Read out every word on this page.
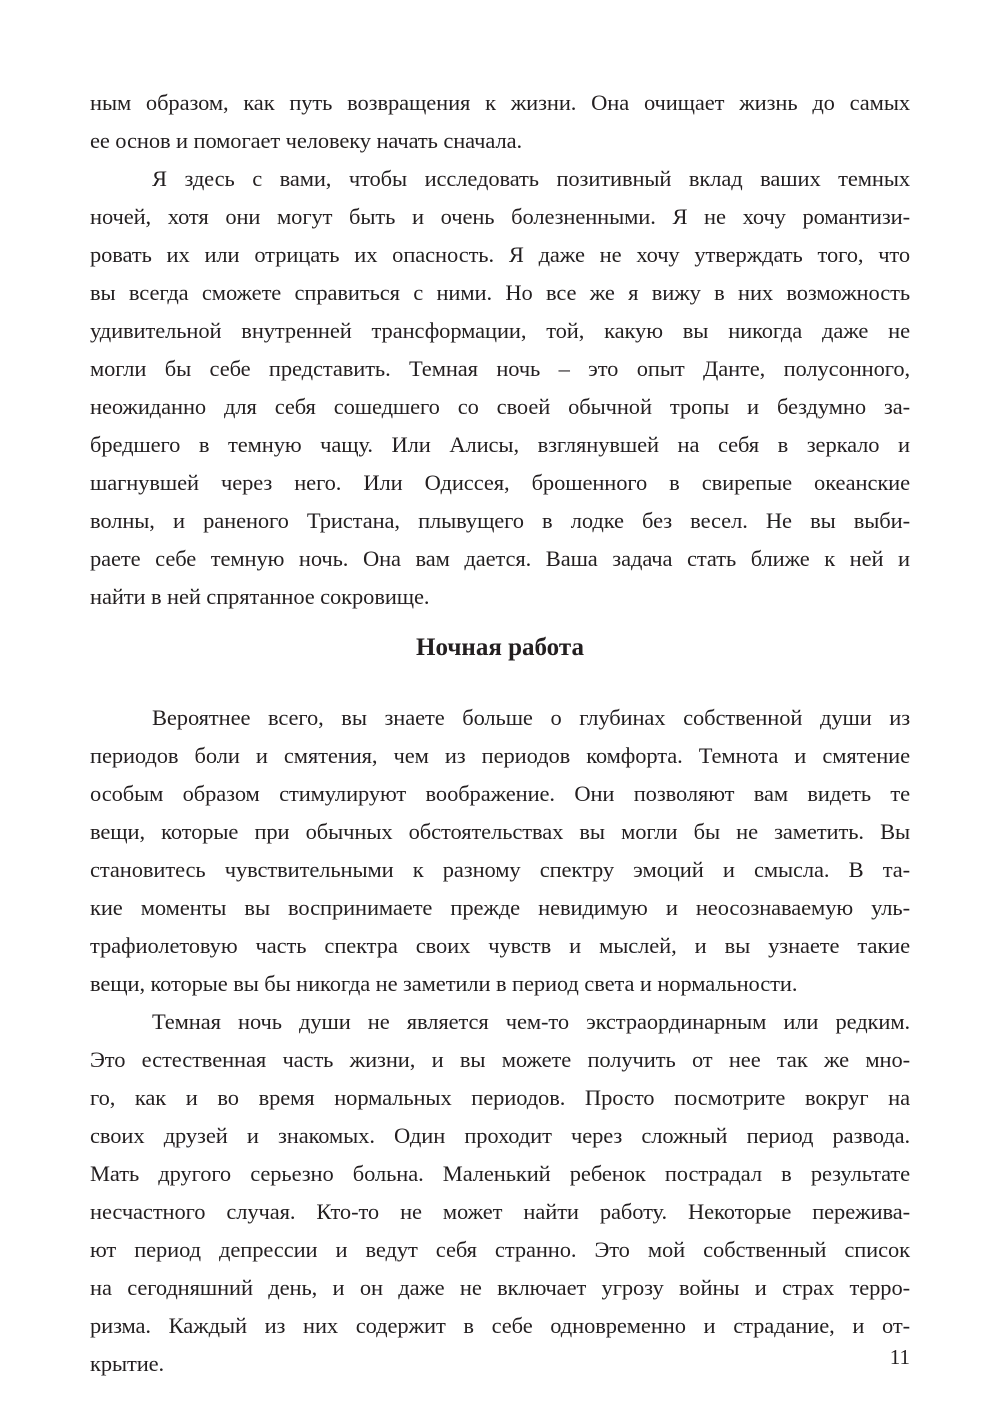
ным образом, как путь возвращения к жизни. Она очищает жизнь до самых
ее основ и помогает человеку начать сначала.
Я здесь с вами, чтобы исследовать позитивный вклад ваших темных
ночей, хотя они могут быть и очень болезненными. Я не хочу романтизи-
ровать их или отрицать их опасность. Я даже не хочу утверждать того, что
вы всегда сможете справиться с ними. Но все же я вижу в них возможность
удивительной внутренней трансформации, той, какую вы никогда даже не
могли бы себе представить. Темная ночь – это опыт Данте, полусонного,
неожиданно для себя сошедшего со своей обычной тропы и бездумно за-
бредшего в темную чащу. Или Алисы, взглянувшей на себя в зеркало и
шагнувшей через него. Или Одиссея, брошенного в свирепые океанские
волны, и раненого Тристана, плывущего в лодке без весел. Не вы выби-
раете себе темную ночь. Она вам дается. Ваша задача стать ближе к ней и
найти в ней спрятанное сокровище.
Ночная работа
Вероятнее всего, вы знаете больше о глубинах собственной души из
периодов боли и смятения, чем из периодов комфорта. Темнота и смятение
особым образом стимулируют воображение. Они позволяют вам видеть те
вещи, которые при обычных обстоятельствах вы могли бы не заметить. Вы
становитесь чувствительными к разному спектру эмоций и смысла. В та-
кие моменты вы воспринимаете прежде невидимую и неосознаваемую уль-
трафиолетовую часть спектра своих чувств и мыслей, и вы узнаете такие
вещи, которые вы бы никогда не заметили в период света и нормальности.
Темная ночь души не является чем-то экстраординарным или редким.
Это естественная часть жизни, и вы можете получить от нее так же мно-
го, как и во время нормальных периодов. Просто посмотрите вокруг на
своих друзей и знакомых. Один проходит через сложный период развода.
Мать другого серьезно больна. Маленький ребенок пострадал в результате
несчастного случая. Кто-то не может найти работу. Некоторые пережива-
ют период депрессии и ведут себя странно. Это мой собственный список
на сегодняшний день, и он даже не включает угрозу войны и страх терро-
ризма. Каждый из них содержит в себе одновременно и страдание, и от-
крытие.	11
